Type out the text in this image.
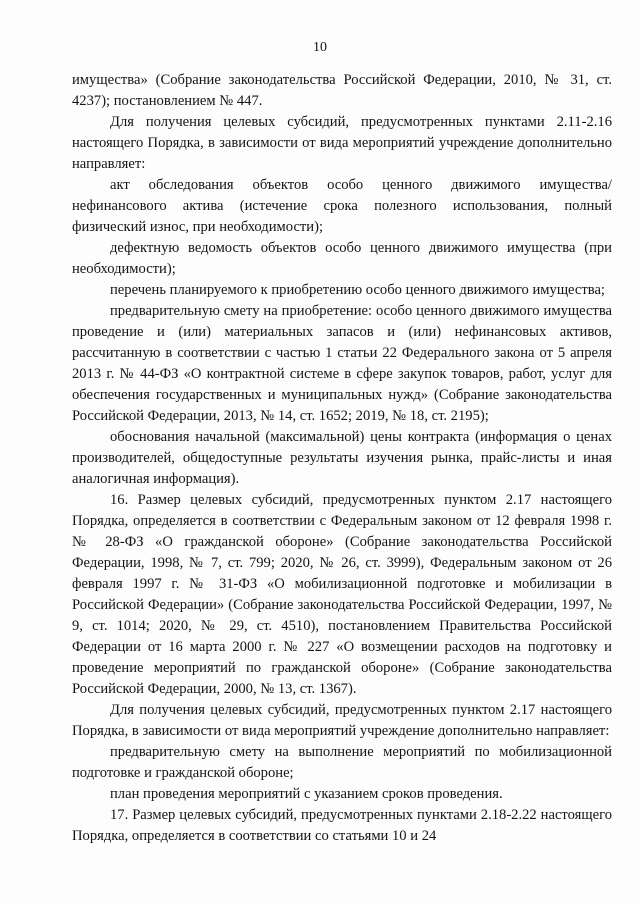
10

имущества» (Собрание законодательства Российской Федерации, 2010, № 31, ст. 4237); постановлением № 447.

Для получения целевых субсидий, предусмотренных пунктами 2.11-2.16 настоящего Порядка, в зависимости от вида мероприятий учреждение дополнительно направляет:

акт обследования объектов особо ценного движимого имущества/нефинансового актива (истечение срока полезного использования, полный физический износ, при необходимости);

дефектную ведомость объектов особо ценного движимого имущества (при необходимости);

перечень планируемого к приобретению особо ценного движимого имущества;

предварительную смету на приобретение: особо ценного движимого имущества проведение и (или) материальных запасов и (или) нефинансовых активов, рассчитанную в соответствии с частью 1 статьи 22 Федерального закона от 5 апреля 2013 г. № 44-ФЗ «О контрактной системе в сфере закупок товаров, работ, услуг для обеспечения государственных и муниципальных нужд» (Собрание законодательства Российской Федерации, 2013, № 14, ст. 1652; 2019, № 18, ст. 2195);

обоснования начальной (максимальной) цены контракта (информация о ценах производителей, общедоступные результаты изучения рынка, прайс-листы и иная аналогичная информация).

16. Размер целевых субсидий, предусмотренных пунктом 2.17 настоящего Порядка, определяется в соответствии с Федеральным законом от 12 февраля 1998 г. № 28-ФЗ «О гражданской обороне» (Собрание законодательства Российской Федерации, 1998, № 7, ст. 799; 2020, № 26, ст. 3999), Федеральным законом от 26 февраля 1997 г. № 31-ФЗ «О мобилизационной подготовке и мобилизации в Российской Федерации» (Собрание законодательства Российской Федерации, 1997, № 9, ст. 1014; 2020, № 29, ст. 4510), постановлением Правительства Российской Федерации от 16 марта 2000 г. № 227 «О возмещении расходов на подготовку и проведение мероприятий по гражданской обороне» (Собрание законодательства Российской Федерации, 2000, № 13, ст. 1367).

Для получения целевых субсидий, предусмотренных пунктом 2.17 настоящего Порядка, в зависимости от вида мероприятий учреждение дополнительно направляет:

предварительную смету на выполнение мероприятий по мобилизационной подготовке и гражданской обороне;

план проведения мероприятий с указанием сроков проведения.

17. Размер целевых субсидий, предусмотренных пунктами 2.18-2.22 настоящего Порядка, определяется в соответствии со статьями 10 и 24
